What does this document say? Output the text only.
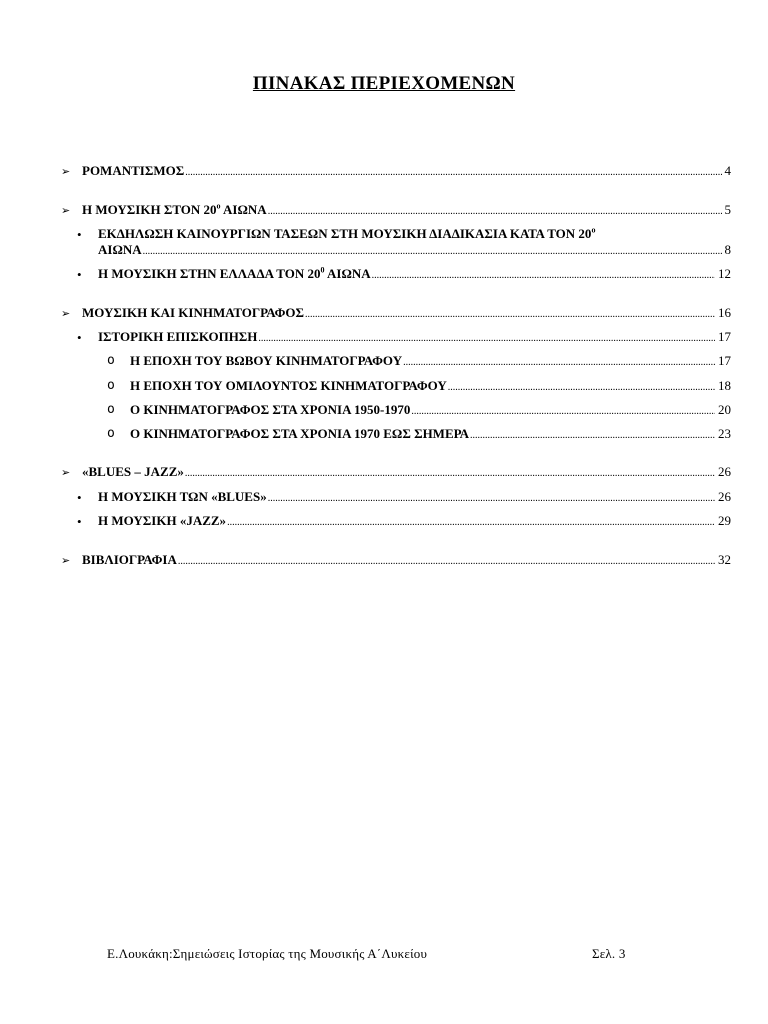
ΠΙΝΑΚΑΣ ΠΕΡΙΕΧΟΜΕΝΩΝ
➢ ΡΟΜΑΝΤΙΣΜΟΣ .....	4
➢ Η ΜΟΥΣΙΚΗ ΣΤΟΝ $20^o$ ΑΙΩΝΑ .....	5
• ΕΚΔΗΛΩΣΗ ΚΑΙΝΟΥΡΓΙΩΝ ΤΑΣΕΩΝ ΣΤΗ ΜΟΥΣΙΚΗ ΔΙΑΔΙΚΑΣΙΑ ΚΑΤΑ ΤΟΝ $20^o$
ΑΙΩΝΑ .....	8
• Η ΜΟΥΣΙΚΗ ΣΤΗΝ ΕΛΛΑΔΑ ΤΟΝ $20^0$ ΑΙΩΝΑ .....	12
➢ ΜΟΥΣΙΚΗ ΚΑΙ ΚΙΝΗΜΑΤΟΓΡΑΦΟΣ .....	16
• ΙΣΤΟΡΙΚΗ ΕΠΙΣΚΟΠΗΣΗ .....	17
o Η ΕΠΟΧΗ ΤΟΥ ΒΩΒΟΥ ΚΙΝΗΜΑΤΟΓΡΑΦΟΥ .....	17
o Η ΕΠΟΧΗ ΤΟΥ ΟΜΙΛΟΥΝΤΟΣ ΚΙΝΗΜΑΤΟΓΡΑΦΟΥ .....	18
o Ο ΚΙΝΗΜΑΤΟΓΡΑΦΟΣ ΣΤΑ ΧΡΟΝΙΑ 1950-1970 .....	20
o Ο ΚΙΝΗΜΑΤΟΓΡΑΦΟΣ ΣΤΑ ΧΡΟΝΙΑ 1970 ΕΩΣ ΣΗΜΕΡΑ .....	23
➢ «BLUES – JAZZ» .....	26
• Η ΜΟΥΣΙΚΗ ΤΩΝ «BLUES» .....	26
• Η ΜΟΥΣΙΚΗ «JAZZ» .....	29
➢ ΒΙΒΛΙΟΓΡΑΦΙΑ .....	32
Ε.Λουκάκη:Σημειώσεις Ιστορίας της Μουσικής Α΄Λυκείου	Σελ. 3
